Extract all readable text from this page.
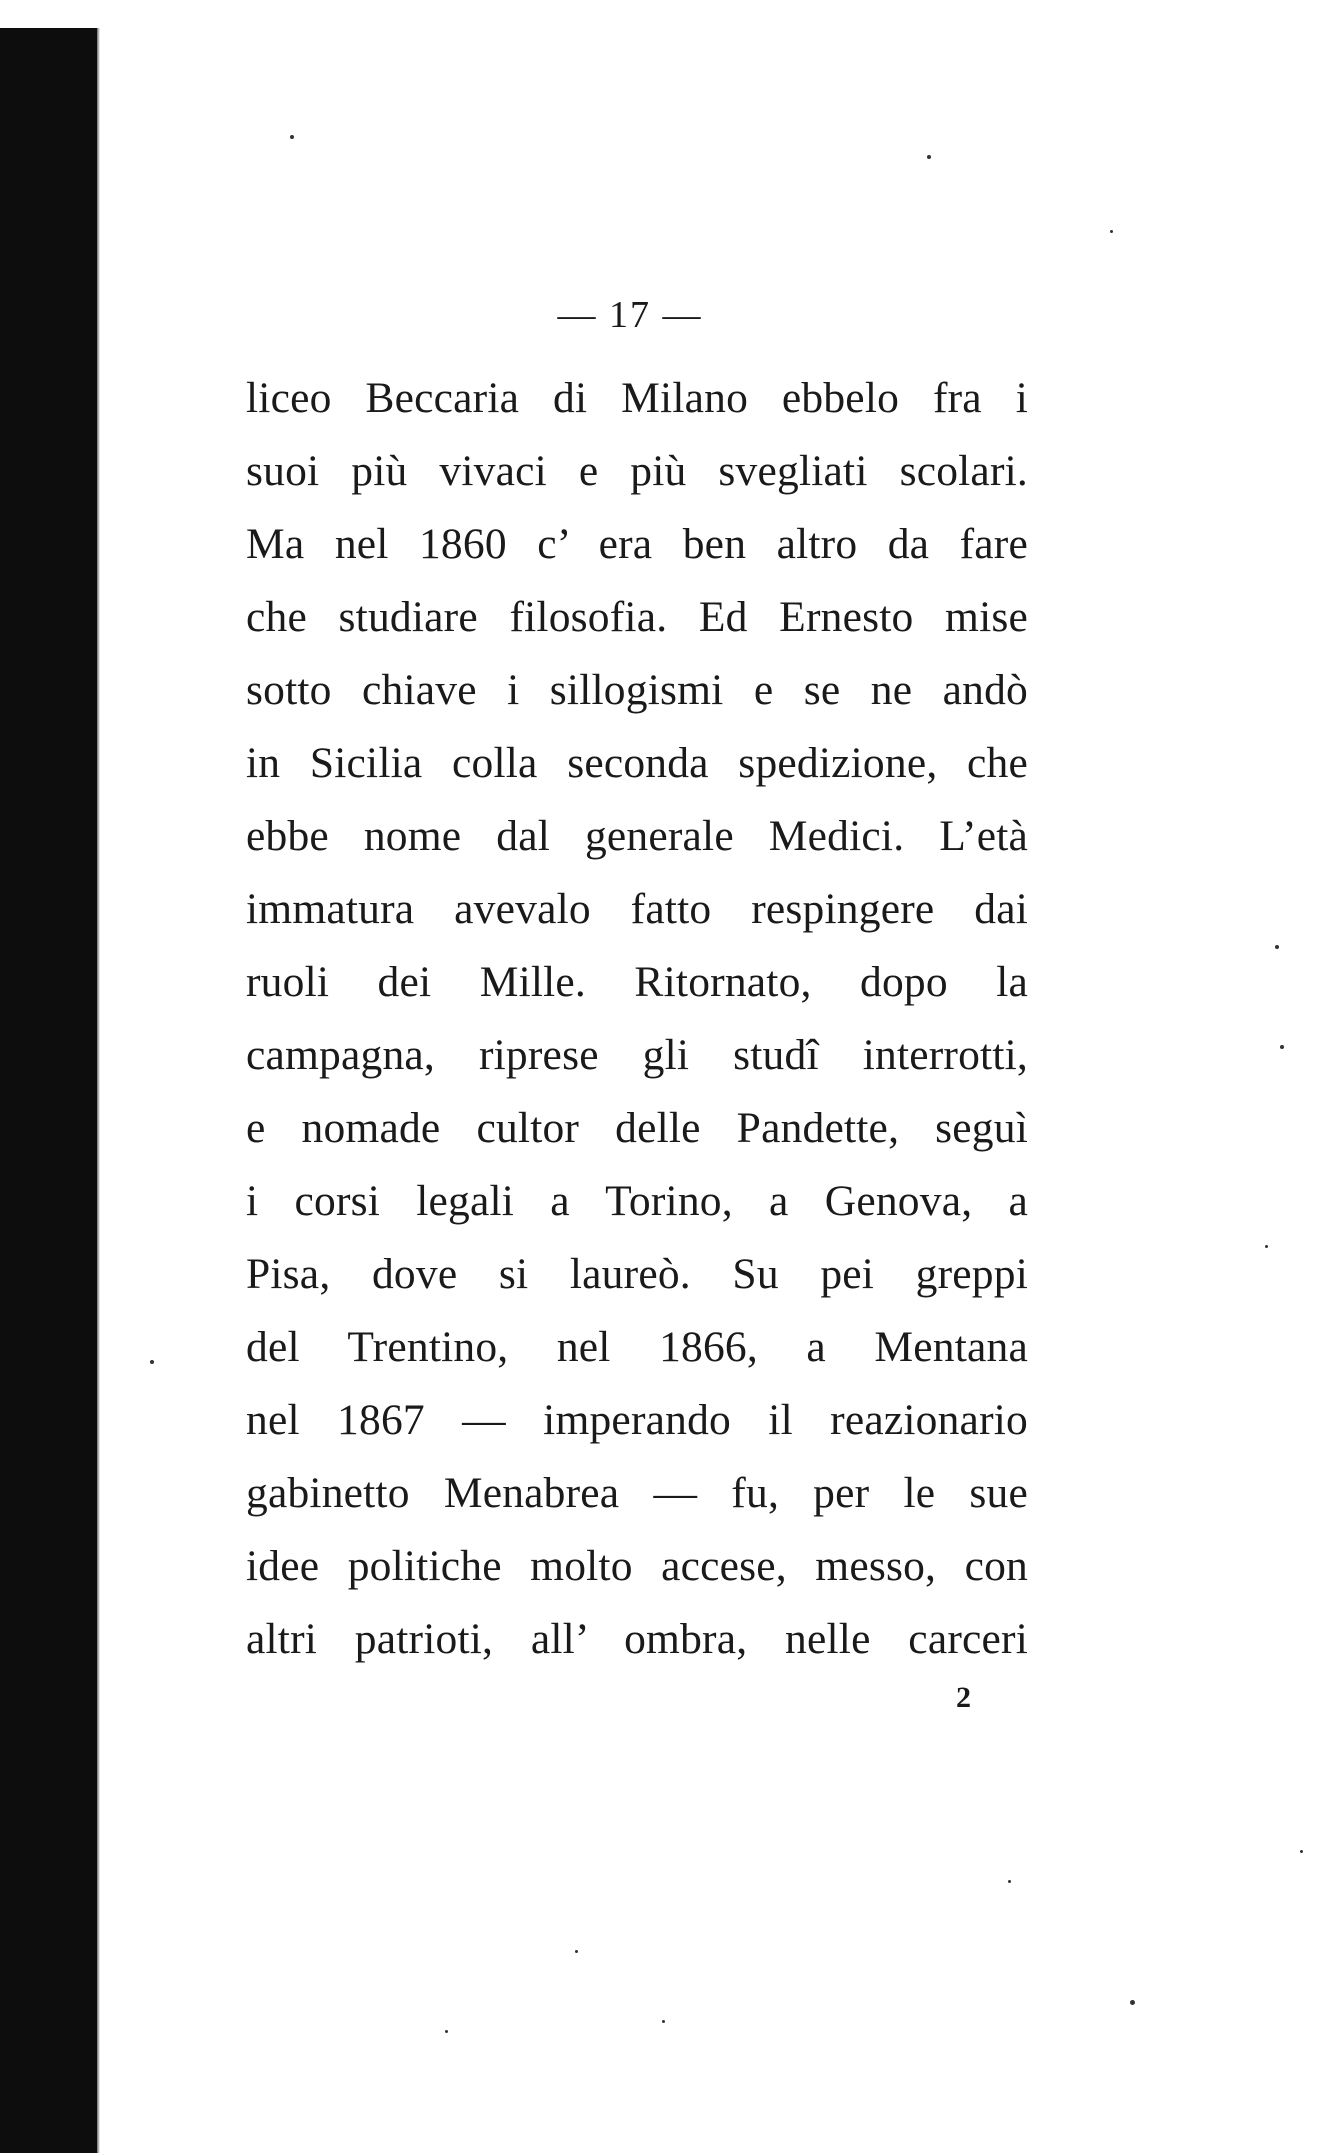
— 17 —
liceo Beccaria di Milano ebbelo fra i
suoi più vivaci e più svegliati scolari.
Ma nel 1860 c’ era ben altro da fare
che studiare filosofia. Ed Ernesto mise
sotto chiave i sillogismi e se ne andò
in Sicilia colla seconda spedizione, che
ebbe nome dal generale Medici. L’età
immatura avevalo fatto respingere dai
ruoli dei Mille. Ritornato, dopo la
campagna, riprese gli studî interrotti,
e nomade cultor delle Pandette, seguì
i corsi legali a Torino, a Genova, a
Pisa, dove si laureò. Su pei greppi
del Trentino, nel 1866, a Mentana
nel 1867 — imperando il reazionario
gabinetto Menabrea — fu, per le sue
idee politiche molto accese, messo, con
altri patrioti, all’ ombra, nelle carceri
2
